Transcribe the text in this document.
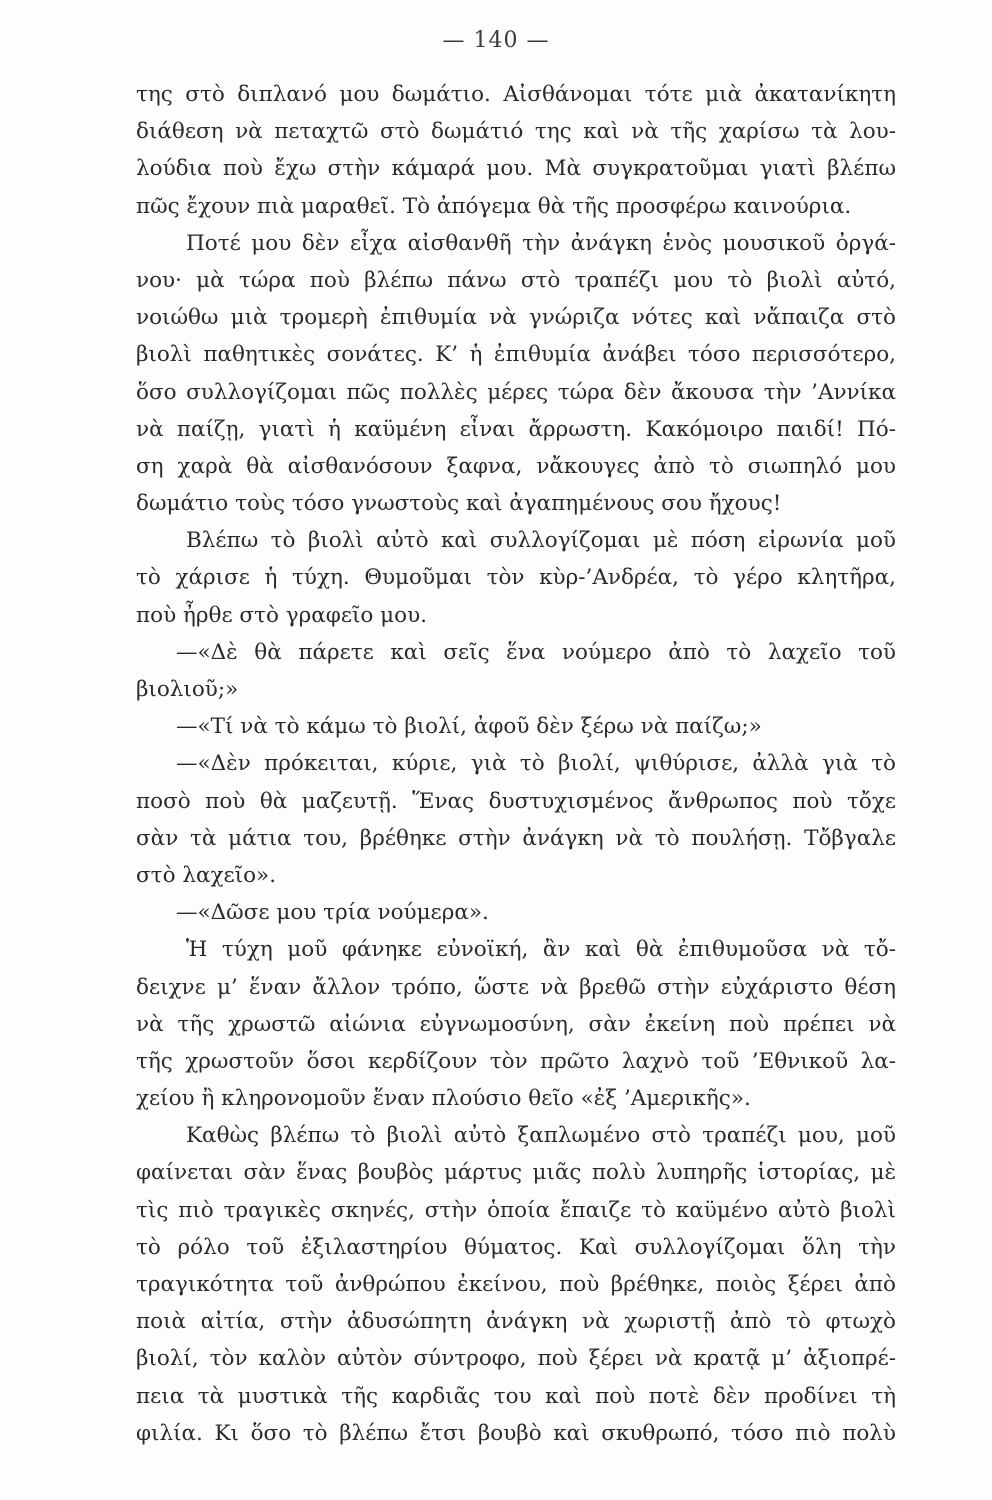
— 140 —
της στὸ διπλανό μου δωμάτιο. Αἰσθάνομαι τότε μιὰ ἀκατανίκητη
διάθεση νὰ πεταχτῶ στὸ δωμάτιό της καὶ νὰ τῆς χαρίσω τὰ λου-
λούδια ποὺ ἔχω στὴν κάμαρά μου. Μὰ συγκρατοῦμαι γιατὶ βλέπω
πῶς ἔχουν πιὰ μαραθεῖ. Τὸ ἀπόγεμα θὰ τῆς προσφέρω καινούρια.
Ποτέ μου δὲν εἶχα αἰσθανθῆ τὴν ἀνάγκη ἑνὸς μουσικοῦ ὀργά-
νου· μὰ τώρα ποὺ βλέπω πάνω στὸ τραπέζι μου τὸ βιολὶ αὐτό,
νοιώθω μιὰ τρομερὴ ἐπιθυμία νὰ γνώριζα νότες καὶ νἄπαιζα στὸ
βιολὶ παθητικὲς σονάτες. Κ’ ἡ ἐπιθυμία ἀνάβει τόσο περισσότερο,
ὅσο συλλογίζομαι πῶς πολλὲς μέρες τώρα δὲν ἄκουσα τὴν ’Αννίκα
νὰ παίζῃ, γιατὶ ἡ καϋμένη εἶναι ἄρρωστη. Κακόμοιρο παιδί! Πό-
ση χαρὰ θὰ αἰσθανόσουν ξαφνα, νἄκουγες ἀπὸ τὸ σιωπηλό μου
δωμάτιο τοὺς τόσο γνωστοὺς καὶ ἀγαπημένους σου ἤχους!
Βλέπω τὸ βιολὶ αὐτὸ καὶ συλλογίζομαι μὲ πόση εἰρωνία μοῦ
τὸ χάρισε ἡ τύχη. Θυμοῦμαι τὸν κὺρ-’Ανδρέα, τὸ γέρο κλητῆρα,
ποὺ ἦρθε στὸ γραφεῖο μου.
—«Δὲ θὰ πάρετε καὶ σεῖς ἕνα νούμερο ἀπὸ τὸ λαχεῖο τοῦ
βιολιοῦ;»
—«Τί νὰ τὸ κάμω τὸ βιολί, ἀφοῦ δὲν ξέρω νὰ παίζω;»
—«Δὲν πρόκειται, κύριε, γιὰ τὸ βιολί, ψιθύρισε, ἀλλὰ γιὰ τὸ
ποσὸ ποὺ θὰ μαζευτῇ. Ἕνας δυστυχισμένος ἄνθρωπος ποὺ τὄχε
σὰν τὰ μάτια του, βρέθηκε στὴν ἀνάγκη νὰ τὸ πουλήσῃ. Τὄβγαλε
στὸ λαχεῖο».
—«Δῶσε μου τρία νούμερα».
Ἡ τύχη μοῦ φάνηκε εὐνοϊκή, ἂν καὶ θὰ ἐπιθυμοῦσα νὰ τὄ-
δειχνε μ’ ἕναν ἄλλον τρόπο, ὥστε νὰ βρεθῶ στὴν εὐχάριστο θέση
νὰ τῆς χρωστῶ αἰώνια εὐγνωμοσύνη, σὰν ἐκείνη ποὺ πρέπει νὰ
τῆς χρωστοῦν ὅσοι κερδίζουν τὸν πρῶτο λαχνὸ τοῦ ’Εθνικοῦ λα-
χείου ἢ κληρονομοῦν ἕναν πλούσιο θεῖο «ἐξ ’Αμερικῆς».
Καθὼς βλέπω τὸ βιολὶ αὐτὸ ξαπλωμένο στὸ τραπέζι μου, μοῦ
φαίνεται σὰν ἕνας βουβὸς μάρτυς μιᾶς πολὺ λυπηρῆς ἱστορίας, μὲ
τὶς πιὸ τραγικὲς σκηνές, στὴν ὁποία ἔπαιζε τὸ καϋμένο αὐτὸ βιολὶ
τὸ ρόλο τοῦ ἐξιλαστηρίου θύματος. Καὶ συλλογίζομαι ὅλη τὴν
τραγικότητα τοῦ ἀνθρώπου ἐκείνου, ποὺ βρέθηκε, ποιὸς ξέρει ἀπὸ
ποιὰ αἰτία, στὴν ἀδυσώπητη ἀνάγκη νὰ χωριστῇ ἀπὸ τὸ φτωχὸ
βιολί, τὸν καλὸν αὐτὸν σύντροφο, ποὺ ξέρει νὰ κρατᾷ μ’ ἀξιοπρέ-
πεια τὰ μυστικὰ τῆς καρδιᾶς του καὶ ποὺ ποτὲ δὲν προδίνει τὴ
φιλία. Κι ὅσο τὸ βλέπω ἔτσι βουβὸ καὶ σκυθρωπό, τόσο πιὸ πολὺ
